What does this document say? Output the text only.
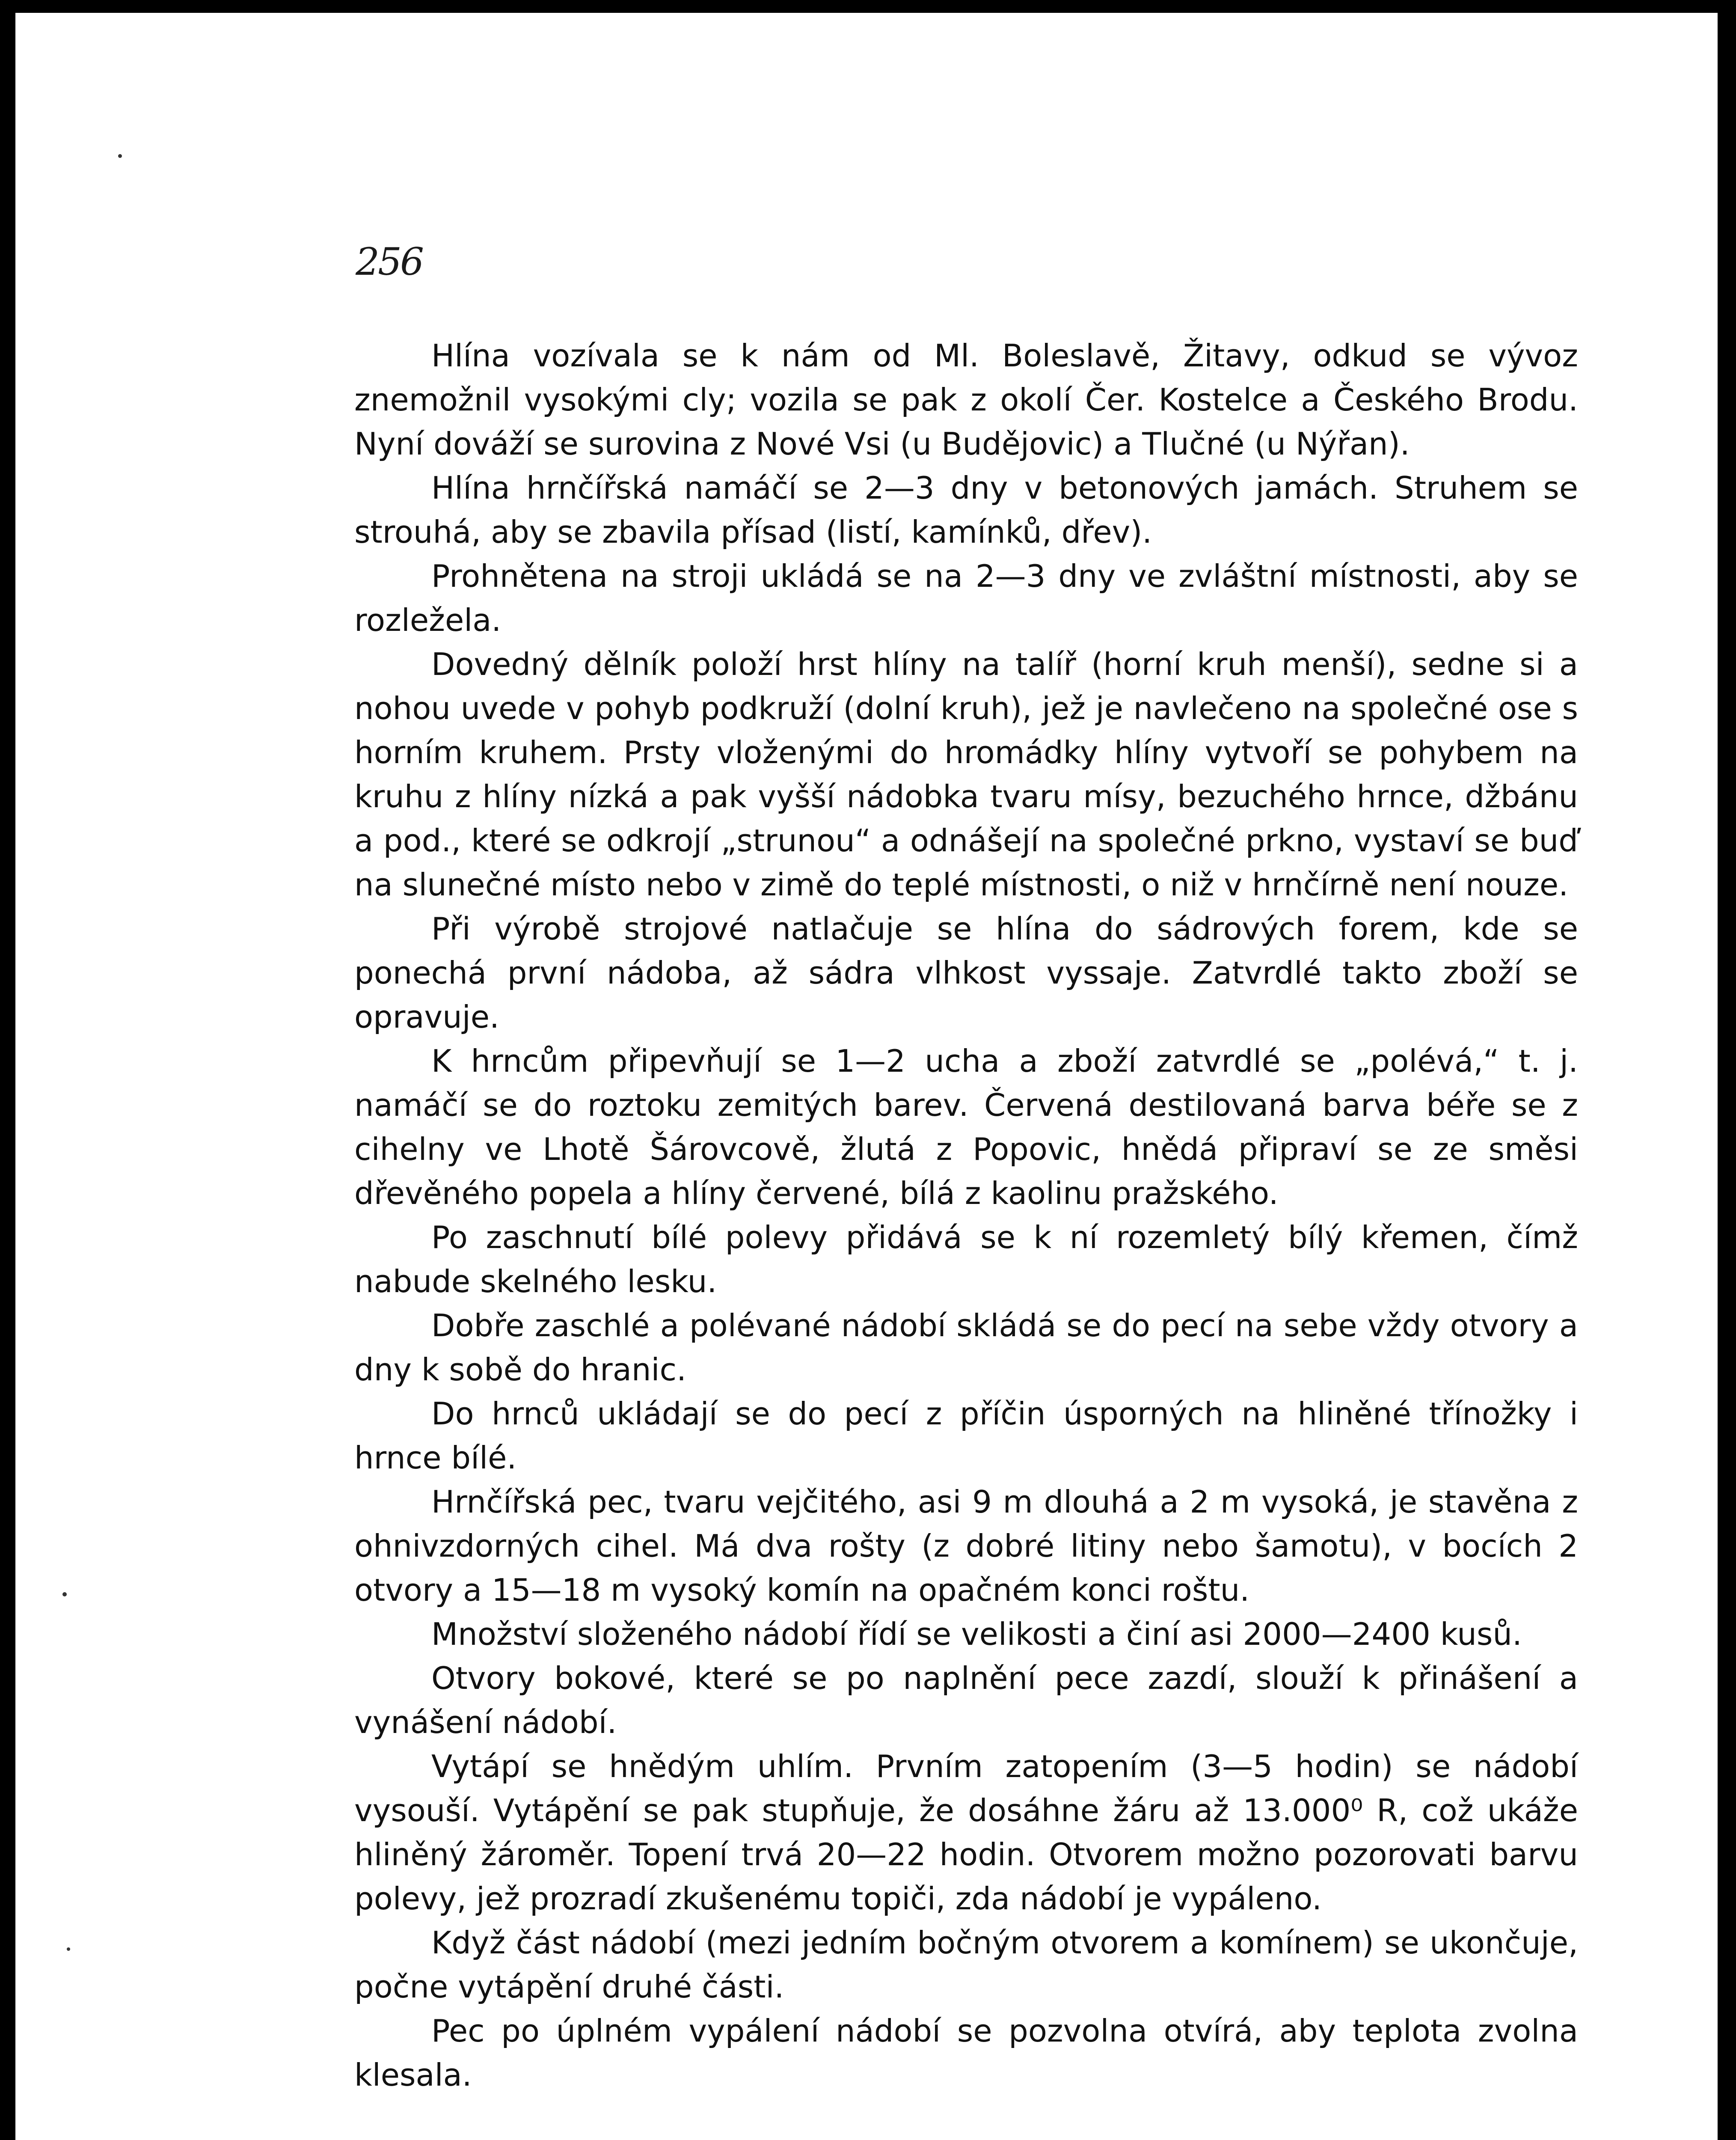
256

Hlína vozívala se k nám od Ml. Boleslavě, Žitavy, odkud se vývoz znemožnil vysokými cly; vozila se pak z okolí Čer. Kostelce a Českého Brodu. Nyní dováží se surovina z Nové Vsi (u Budějovic) a Tlučné (u Nýřan).

Hlína hrnčířská namáčí se 2—3 dny v betonových jamách. Struhem se strouhá, aby se zbavila přísad (listí, kamínků, dřev).

Prohnětena na stroji ukládá se na 2—3 dny ve zvláštní místnosti, aby se rozležela.

Dovedný dělník položí hrst hlíny na talíř (horní kruh menší), sedne si a nohou uvede v pohyb podkruží (dolní kruh), jež je navlečeno na společné ose s horním kruhem. Prsty vloženými do hromádky hlíny vytvoří se pohybem na kruhu z hlíny nízká a pak vyšší nádobka tvaru mísy, bezuchého hrnce, džbánu a pod., které se odkrojí „strunou“ a odnášejí na společné prkno, vystaví se buď na slunečné místo nebo v zimě do teplé místnosti, o niž v hrnčírně není nouze.

Při výrobě strojové natlačuje se hlína do sádrových forem, kde se ponechá první nádoba, až sádra vlhkost vyssaje. Zatvrdlé takto zboží se opravuje.

K hrncům připevňují se 1—2 ucha a zboží zatvrdlé se „polévá,“ t. j. namáčí se do roztoku zemitých barev. Červená destilovaná barva béře se z cihelny ve Lhotě Šárovcově, žlutá z Popovic, hnědá připraví se ze směsi dřevěného popela a hlíny červené, bílá z kaolinu pražského.

Po zaschnutí bílé polevy přidává se k ní rozemletý bílý křemen, čímž nabude skelného lesku.

Dobře zaschlé a polévané nádobí skládá se do pecí na sebe vždy otvory a dny k sobě do hranic.

Do hrnců ukládají se do pecí z příčin úsporných na hliněné třínožky i hrnce bílé.

Hrnčířská pec, tvaru vejčitého, asi 9 m dlouhá a 2 m vysoká, je stavěna z ohnivzdorných cihel. Má dva rošty (z dobré litiny nebo šamotu), v bocích 2 otvory a 15—18 m vysoký komín na opačném konci roštu.

Množství složeného nádobí řídí se velikosti a činí asi 2000—2400 kusů.

Otvory bokové, které se po naplnění pece zazdí, slouží k přinášení a vynášení nádobí.

Vytápí se hnědým uhlím. Prvním zatopením (3—5 hodin) se nádobí vysouší. Vytápění se pak stupňuje, že dosáhne žáru až 13.000⁰ R, což ukáže hliněný žároměr. Topení trvá 20—22 hodin. Otvorem možno pozorovati barvu polevy, jež prozradí zkušenému topiči, zda nádobí je vypáleno.

Když část nádobí (mezi jedním bočným otvorem a komínem) se ukončuje, počne vytápění druhé části.

Pec po úplném vypálení nádobí se pozvolna otvírá, aby teplota zvolna klesala.
